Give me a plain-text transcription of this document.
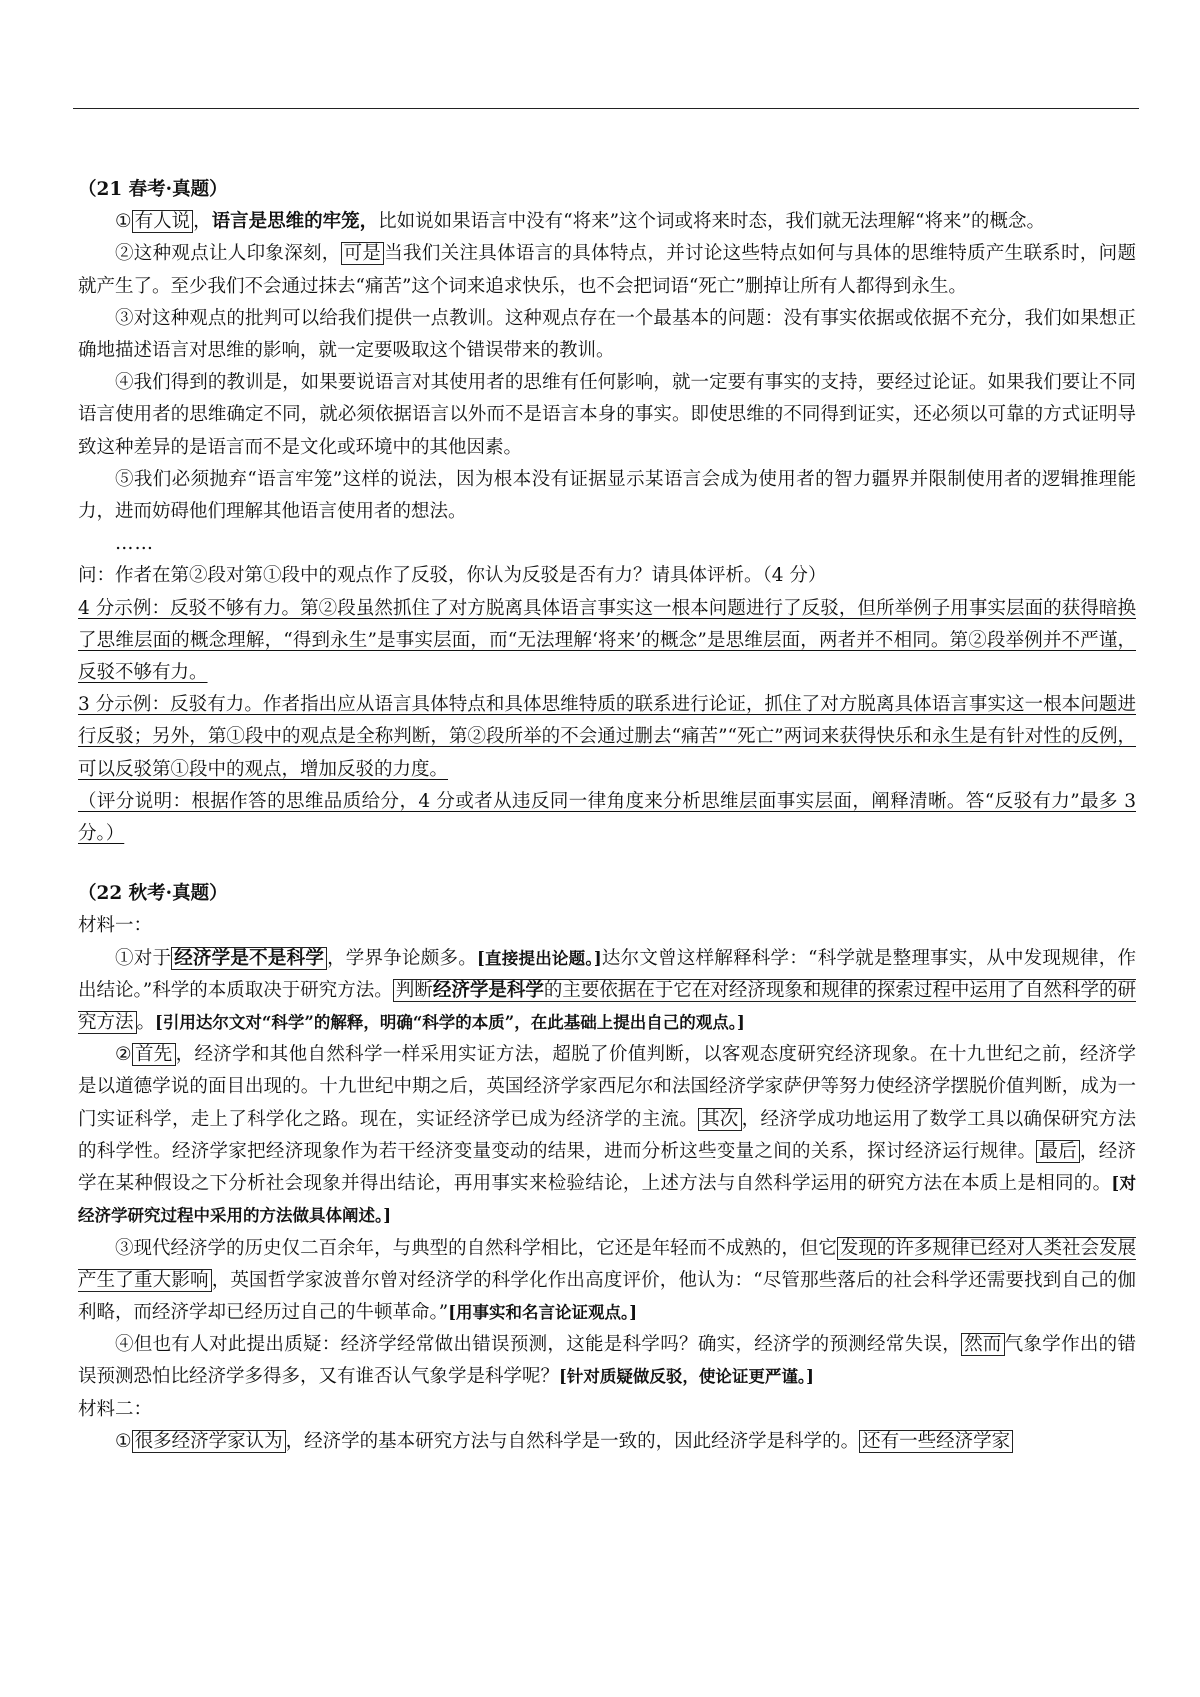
（21 春考·真题）

① 有人说 ，语言是思维的牢笼，比如说如果语言中没有“将来”这个词或将来时态，我们就无法理解“将来”的概念。

②这种观点让人印象深刻， 可是 当我们关注具体语言的具体特点，并讨论这些特点如何与具体的思维特质产生联系时，问题就产生了。至少我们不会通过抹去“痛苦”这个词来追求快乐，也不会把词语“死亡”删掉让所有人都得到永生。

③对这种观点的批判可以给我们提供一点教训。这种观点存在一个最基本的问题：没有事实依据或依据不充分，我们如果想正确地描述语言对思维的影响，就一定要吸取这个错误带来的教训。

④我们得到的教训是，如果要说语言对其使用者的思维有任何影响，就一定要有事实的支持，要经过论证。如果我们要让不同语言使用者的思维确定不同，就必须依据语言以外而不是语言本身的事实。即使思维的不同得到证实，还必须以可靠的方式证明导致这种差异的是语言而不是文化或环境中的其他因素。

⑤我们必须抛弃“语言牢笼”这样的说法，因为根本没有证据显示某语言会成为使用者的智力疆界并限制使用者的逻辑推理能力，进而妨碍他们理解其他语言使用者的想法。

……

问：作者在第②段对第①段中的观点作了反驳，你认为反驳是否有力？请具体评析。（4 分）

4 分示例：反驳不够有力。第②段虽然抓住了对方脱离具体语言事实这一根本问题进行了反驳，但所举例子用事实层面的获得暗换了思维层面的概念理解，“得到永生”是事实层面，而“无法理解‘将来’的概念”是思维层面，两者并不相同。第②段举例并不严谨，反驳不够有力。

3 分示例：反驳有力。作者指出应从语言具体特点和具体思维特质的联系进行论证，抓住了对方脱离具体语言事实这一根本问题进行反驳；另外，第①段中的观点是全称判断，第②段所举的不会通过删去“痛苦”“死亡”两词来获得快乐和永生是有针对性的反例，可以反驳第①段中的观点，增加反驳的力度。

（评分说明：根据作答的思维品质给分，4 分或者从违反同一律角度来分析思维层面事实层面，阐释清晰。答“反驳有力”最多 3 分。）

（22 秋考·真题）

材料一：

①对于 经济学是不是科学 ，学界争论颇多。[直接提出论题。]达尔文曾这样解释科学：“科学就是整理事实，从中发现规律，作出结论。”科学的本质取决于研究方法。 判断经济学是科学的主要依据在于它在对经济现象和规律的探索过程中运用了自然科学的研究方法 。[引用达尔文对“科学”的解释，明确“科学的本质”，在此基础上提出自己的观点。]

② 首先 ，经济学和其他自然科学一样采用实证方法，超脱了价值判断，以客观态度研究经济现象。在十九世纪之前，经济学是以道德学说的面目出现的。十九世纪中期之后，英国经济学家西尼尔和法国经济学家萨伊等努力使经济学摆脱价值判断，成为一门实证科学，走上了科学化之路。现在，实证经济学已成为经济学的主流。 其次 ，经济学成功地运用了数学工具以确保研究方法的科学性。经济学家把经济现象作为若干经济变量变动的结果，进而分析这些变量之间的关系，探讨经济运行规律。 最后 ，经济学在某种假设之下分析社会现象并得出结论，再用事实来检验结论，上述方法与自然科学运用的研究方法在本质上是相同的。[对经济学研究过程中采用的方法做具体阐述。]

③现代经济学的历史仅二百余年，与典型的自然科学相比，它还是年轻而不成熟的，但它 发现的许多规律已经对人类社会发展产生了重大影响 ，英国哲学家波普尔曾对经济学的科学化作出高度评价，他认为：“尽管那些落后的社会科学还需要找到自己的伽利略，而经济学却已经历过自己的牛顿革命。”[用事实和名言论证观点。]

④但也有人对此提出质疑：经济学经常做出错误预测，这能是科学吗？确实，经济学的预测经常失误， 然而 气象学作出的错误预测恐怕比经济学多得多，又有谁否认气象学是科学呢？[针对质疑做反驳，使论证更严谨。]

材料二：

① 很多经济学家认为 ，经济学的基本研究方法与自然科学是一致的，因此经济学是科学的。 还有一些经济学家
